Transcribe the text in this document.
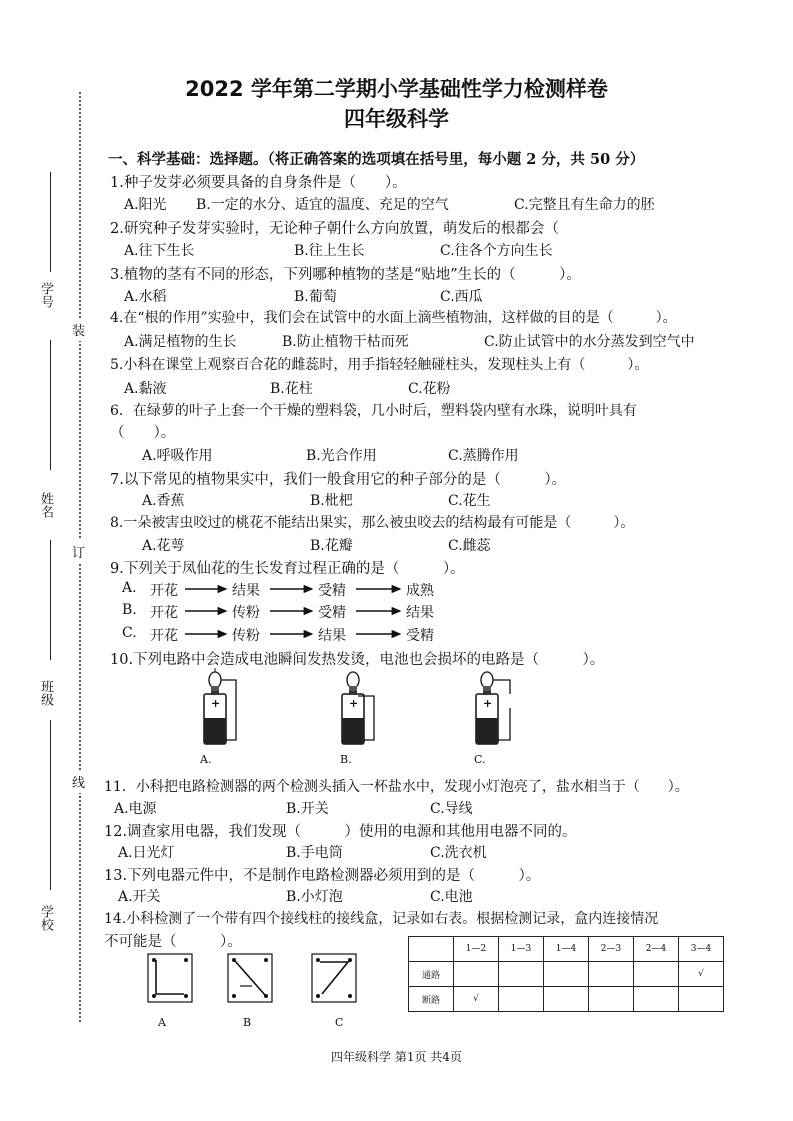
2022 学年第二学期小学基础性学力检测样卷
四年级科学
装
订
线
学号
姓名
班级
学校
一、科学基础：选择题。（将正确答案的选项填在括号里，每小题 2 分，共 50 分）
1.种子发芽必须要具备的自身条件是（　　）。
A.阳光 B.一定的水分、适宜的温度、充足的空气	C.完整且有生命力的胚
2.研究种子发芽实验时，无论种子朝什么方向放置，萌发后的根都会（
A.往下生长	B.往上生长	C.往各个方向生长
3.植物的茎有不同的形态，下列哪种植物的茎是“贴地”生长的（　　　）。
A.水稻	B.葡萄	C.西瓜
4.在“根的作用”实验中，我们会在试管中的水面上滴些植物油，这样做的目的是（　　　）。
A.满足植物的生长	B.防止植物干枯而死	C.防止试管中的水分蒸发到空气中
5.小科在课堂上观察百合花的雌蕊时，用手指轻轻触碰柱头，发现柱头上有（　　　）。
A.黏液	B.花柱	C.花粉
6．在绿萝的叶子上套一个干燥的塑料袋，几小时后，塑料袋内壁有水珠，说明叶具有
（　　）。
A.呼吸作用	B.光合作用	C.蒸腾作用
7.以下常见的植物果实中，我们一般食用它的种子部分的是（　　　）。
A.香蕉	B.枇杷	C.花生
8.一朵被害虫咬过的桃花不能结出果实，那么被虫咬去的结构最有可能是（　　　）。
A.花萼	B.花瓣	C.雌蕊
9.下列关于凤仙花的生长发育过程正确的是（　　　）。
A. 开花	结果	受精	成熟
B. 开花	传粉	受精	结果
C. 开花	传粉	结果	受精
10.下列电路中会造成电池瞬间发热发烫，电池也会损坏的电路是（　　　）。
+
A.
+
B.
+
C.
11．小科把电路检测器的两个检测头插入一杯盐水中，发现小灯泡亮了，盐水相当于（　　）。
A.电源	B.开关	C.导线
12.调查家用电器，我们发现（　　　）使用的电源和其他用电器不同的。
A.日光灯	B.手电筒	C.洗衣机
13.下列电器元件中，不是制作电路检测器必须用到的是（　　　）。
A.开关	B.小灯泡	C.电池
14.小科检测了一个带有四个接线柱的接线盒，记录如右表。根据检测记录，盒内连接情况
不可能是（　　　）。
A	B	C
	1—2	1—3	1—4	2—3	2—4	3—4
通路						√
断路	√					
四年级科学 第1页 共4页
